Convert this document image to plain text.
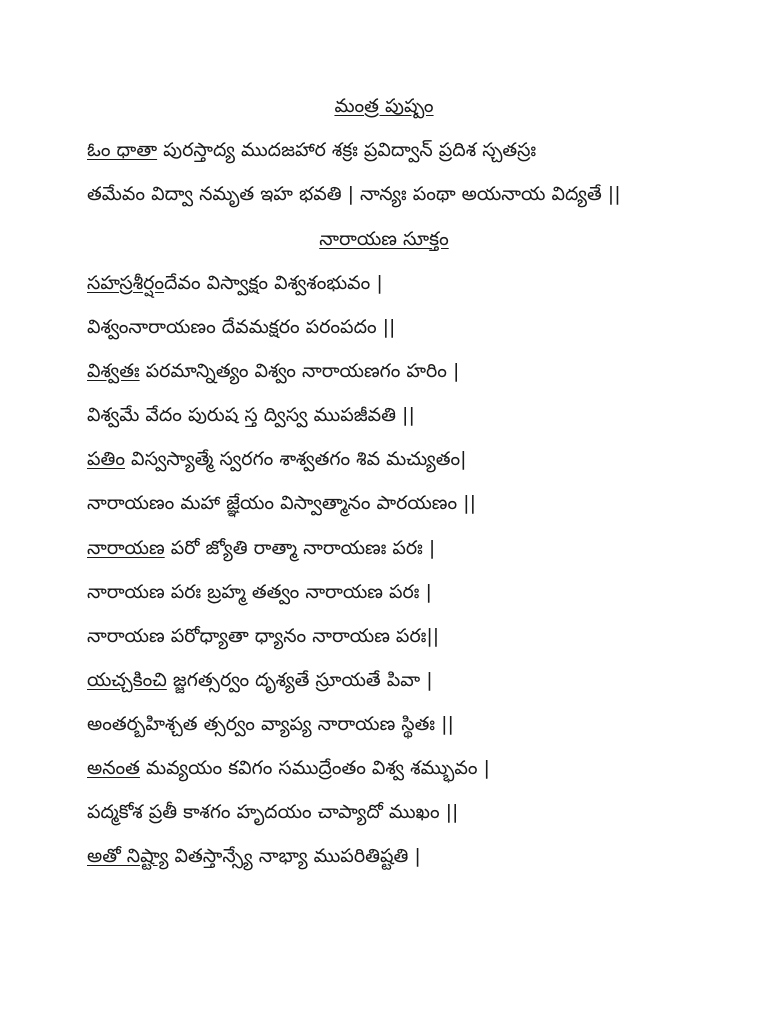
మంత్ర పుష్పం
ఓం ధాతా పురస్తాద్య ముదజహార శక్రః ప్రవిద్వాన్ ప్రదిశ స్చతస్రః
తమేవం విద్వా నమృత ఇహ భవతి | నాన్యః పంథా అయనాయ విద్యతే ||
నారాయణ సూక్తం
సహస్రశీర్షందేవం విస్వాక్షం విశ్వశంభువం |
విశ్వంనారాయణం దేవమక్షరం పరంపదం ||
విశ్వతః పరమాన్నిత్యం విశ్వం నారాయణగం హరిం |
విశ్వమే వేదం పురుష స్త ద్విస్వ ముపజీవతి ||
పతిం విస్వస్యాత్మే స్వరగం శాశ్వతగం శివ మచ్యుతం|
నారాయణం మహా జ్ఞేయం విస్వాత్మానం పారయణం ||
నారాయణ పరో జ్యోతి రాత్మా నారాయణః పరః |
నారాయణ పరః బ్రహ్మ తత్వం నారాయణ పరః |
నారాయణ పరోధ్యాతా ధ్యానం నారాయణ పరః||
యచ్చకించి జ్జగత్సర్వం దృశ్యతే స్రూయతే పివా |
అంతర్బహిశ్చత త్సర్వం వ్యాప్య నారాయణ స్థితః ||
అనంత మవ్యయం కవిగం సముద్రేంతం విశ్వ శమ్భువం |
పద్మకోశ ప్రతీ కాశగం హృదయం చాప్యాదో ముఖం ||
అతో నిష్ట్యా వితస్తాన్స్యే నాభ్యా ముపరితిష్టతి |
